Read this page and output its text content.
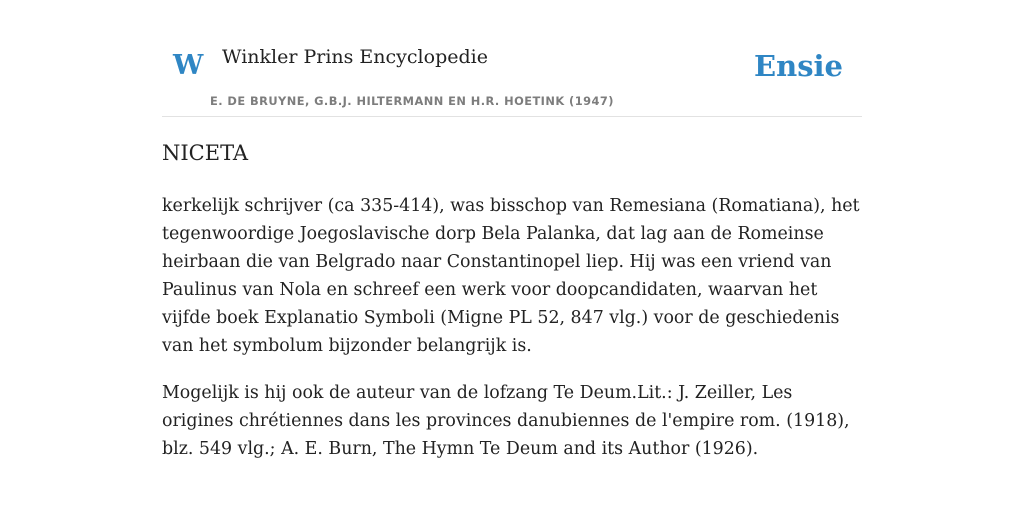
W Winkler Prins Encyclopedie
E. DE BRUYNE, G.B.J. HILTERMANN EN H.R. HOETINK (1947)
Ensie
NICETA

kerkelijk schrijver (ca 335-414), was bisschop van Remesiana (Romatiana), het tegenwoordige Joegoslavische dorp Bela Palanka, dat lag aan de Romeinse heirbaan die van Belgrado naar Constantinopel liep. Hij was een vriend van Paulinus van Nola en schreef een werk voor doopcandidaten, waarvan het vijfde boek Explanatio Symboli (Migne PL 52, 847 vlg.) voor de geschiedenis van het symbolum bijzonder belangrijk is.

Mogelijk is hij ook de auteur van de lofzang Te Deum.Lit.: J. Zeiller, Les origines chrétiennes dans les provinces danubiennes de l'empire rom. (1918), blz. 549 vlg.; A. E. Burn, The Hymn Te Deum and its Author (1926).
